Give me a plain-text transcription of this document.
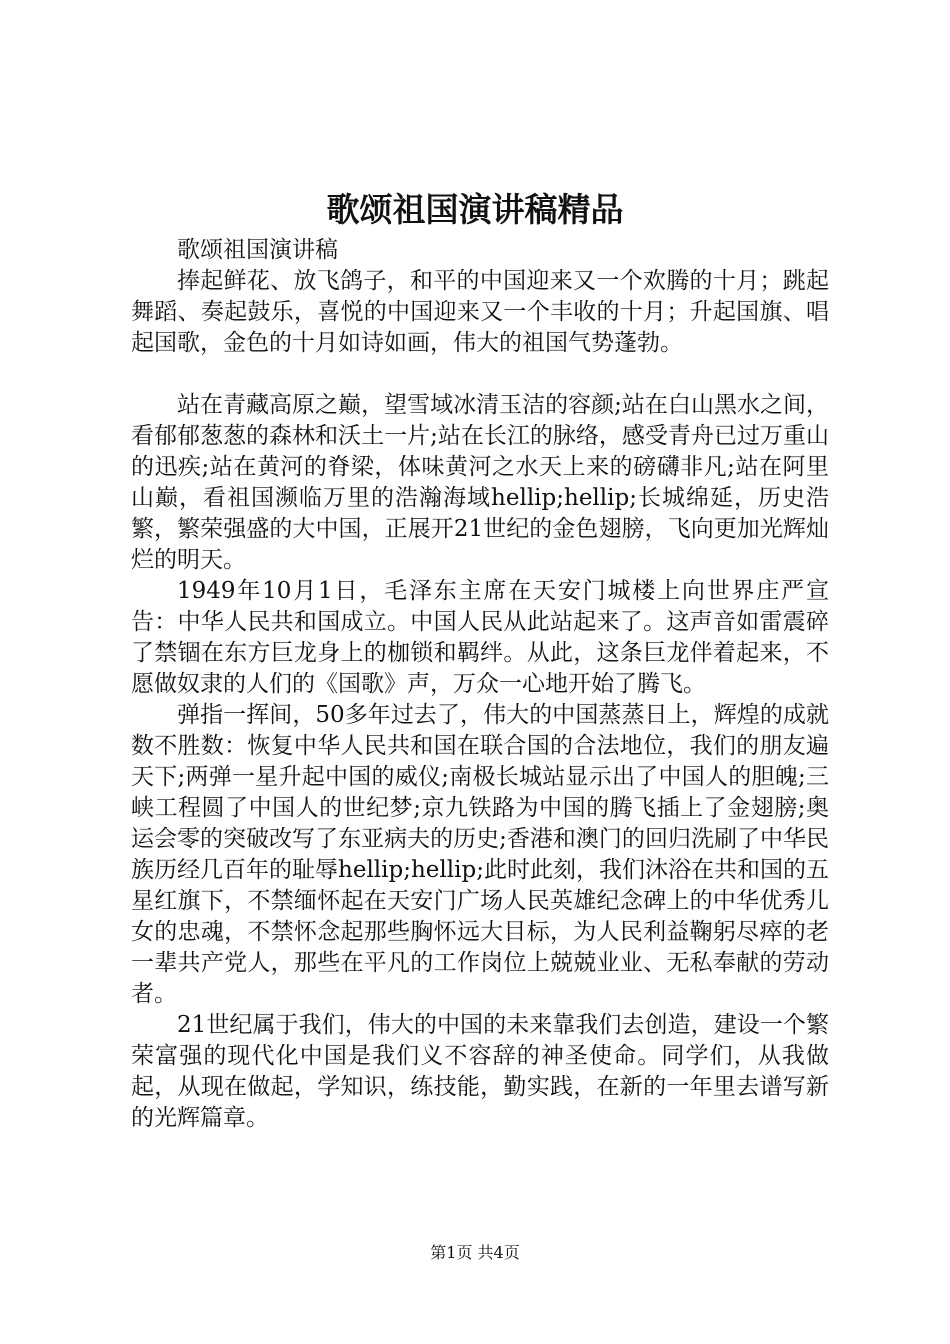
歌颂祖国演讲稿精品

歌颂祖国演讲稿

捧起鲜花、放飞鸽子，和平的中国迎来又一个欢腾的十月；跳起舞蹈、奏起鼓乐，喜悦的中国迎来又一个丰收的十月；升起国旗、唱起国歌，金色的十月如诗如画，伟大的祖国气势蓬勃。

站在青藏高原之巅，望雪域冰清玉洁的容颜;站在白山黑水之间，看郁郁葱葱的森林和沃土一片;站在长江的脉络，感受青舟已过万重山的迅疾;站在黄河的脊梁，体味黄河之水天上来的磅礴非凡;站在阿里山巅，看祖国濒临万里的浩瀚海域hellip;hellip;长城绵延，历史浩繁，繁荣强盛的大中国，正展开21世纪的金色翅膀，飞向更加光辉灿烂的明天。

1949年10月1日，毛泽东主席在天安门城楼上向世界庄严宣告：中华人民共和国成立。中国人民从此站起来了。这声音如雷震碎了禁锢在东方巨龙身上的枷锁和羁绊。从此，这条巨龙伴着起来，不愿做奴隶的人们的《国歌》声，万众一心地开始了腾飞。

弹指一挥间，50多年过去了，伟大的中国蒸蒸日上，辉煌的成就数不胜数：恢复中华人民共和国在联合国的合法地位，我们的朋友遍天下;两弹一星升起中国的威仪;南极长城站显示出了中国人的胆魄;三峡工程圆了中国人的世纪梦;京九铁路为中国的腾飞插上了金翅膀;奥运会零的突破改写了东亚病夫的历史;香港和澳门的回归洗刷了中华民族历经几百年的耻辱hellip;hellip;此时此刻，我们沐浴在共和国的五星红旗下，不禁缅怀起在天安门广场人民英雄纪念碑上的中华优秀儿女的忠魂，不禁怀念起那些胸怀远大目标，为人民利益鞠躬尽瘁的老一辈共产党人，那些在平凡的工作岗位上兢兢业业、无私奉献的劳动者。

21世纪属于我们，伟大的中国的未来靠我们去创造，建设一个繁荣富强的现代化中国是我们义不容辞的神圣使命。同学们，从我做起，从现在做起，学知识，练技能，勤实践，在新的一年里去谱写新的光辉篇章。

第1页 共4页
